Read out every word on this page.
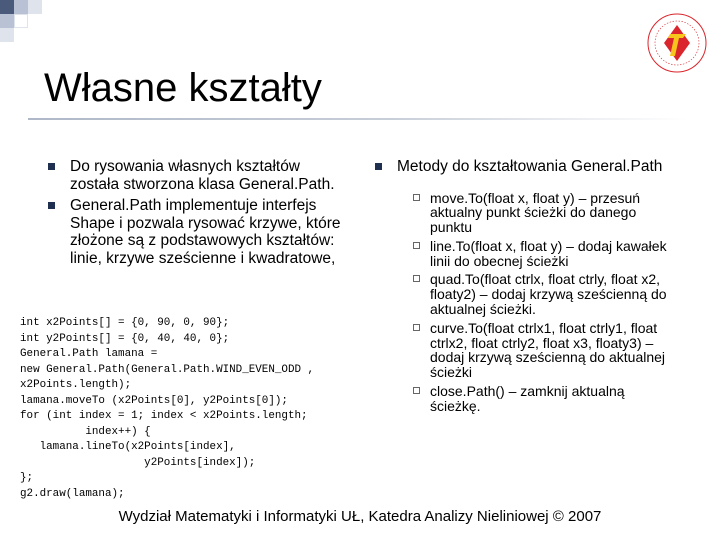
Własne kształty
Do rysowania własnych kształtów została stworzona klasa General.Path.
General.Path implementuje interfejs Shape i pozwala rysować krzywe, które złożone są z podstawowych kształtów: linie, krzywe sześcienne i kwadratowe,
int x2Points[] = {0, 90, 0, 90};
int y2Points[] = {0, 40, 40, 0};
General.Path lamana =
new General.Path(General.Path.WIND_EVEN_ODD ,
x2Points.length);
lamana.moveTo (x2Points[0], y2Points[0]);
for (int index = 1; index < x2Points.length;
index++) {
lamana.lineTo(x2Points[index],
y2Points[index]);
};
g2.draw(lamana);
Metody do kształtowania General.Path
move.To(float x, float y) – przesuń aktualny punkt ścieżki do danego punktu
line.To(float x, float y) – dodaj kawałek linii do obecnej ścieżki
quad.To(float ctrlx, float ctrly, float x2, floaty2) – dodaj krzywą sześcienną do aktualnej ścieżki.
curve.To(float ctrlx1, float ctrly1, float ctrlx2, float ctrly2, float x3, floaty3) – dodaj krzywą sześcienną do aktualnej ścieżki
close.Path() – zamknij aktualną ścieżkę.
Wydział Matematyki i Informatyki UŁ, Katedra Analizy Nieliniowej © 2007
